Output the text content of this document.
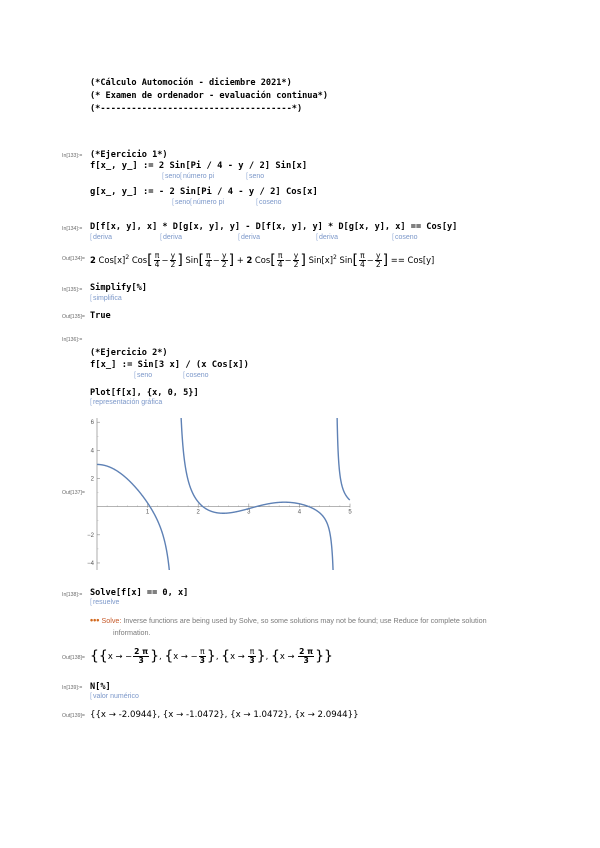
(*Cálculo Automoción - diciembre 2021*)
(* Examen de ordenador - evaluación continua*)
(*-------------------------------------*)
In[133]:= (*Ejercicio 1*)
f[x_, y_] := 2 Sin[Pi / 4 - y / 2] Sin[x]
[ seno [ número pi	[ seno
g[x_, y_] := - 2 Sin[Pi / 4 - y / 2] Cos[x]
[ seno [ número pi	[ coseno
In[134]:= D[f[x, y], x] * D[g[x, y], y] - D[f[x, y], y] * D[g[x, y], x] == Cos[y]
[ deriva	[ deriva	[ deriva	[ deriva	[ coseno
Out[134]= 2 $Cos[x]^2$ $Cos[ \frac{\pi}{4} - \frac{y}{2}$ ] $Sin[ \frac{\pi}{4} - \frac{y}{2}$ ] + 2 $Cos[ \frac{\pi}{4} - \frac{y}{2}$ ] $Sin[x]^2$ $Sin[ \frac{\pi}{4} - \frac{y}{2}$ ] == Cos[y]
In[135]:= Simplify[%]
[ simplifica
Out[135]= True
In[136]:=
(*Ejercicio 2*)
f[x_] := Sin[3 x] / (x Cos[x])
[ seno	[ coseno
Plot[f[x], {x, 0, 5}]
[ representación gráfica
Out[137]=
1	2	3	4	5
−4
−2
2
4
6
In[138]:= Solve[f[x] == 0, x]
[ resuelve
••• Solve: Inverse functions are being used by Solve, so some solutions may not be found; use Reduce for complete solution
information.
Out[138]= {{x → − $\frac{2 \pi}{3}$ }, {x → − $\frac{\pi}{3}$ }, {$x \to \frac{\pi}{3}$ }, {$x \to \frac{2 \pi}{3}$ }}
In[139]:= N[%]
[ valor numérico
Out[139]= {{x → -2.0944}, {x → -1.0472}, {x → 1.0472}, {x → 2.0944}}
